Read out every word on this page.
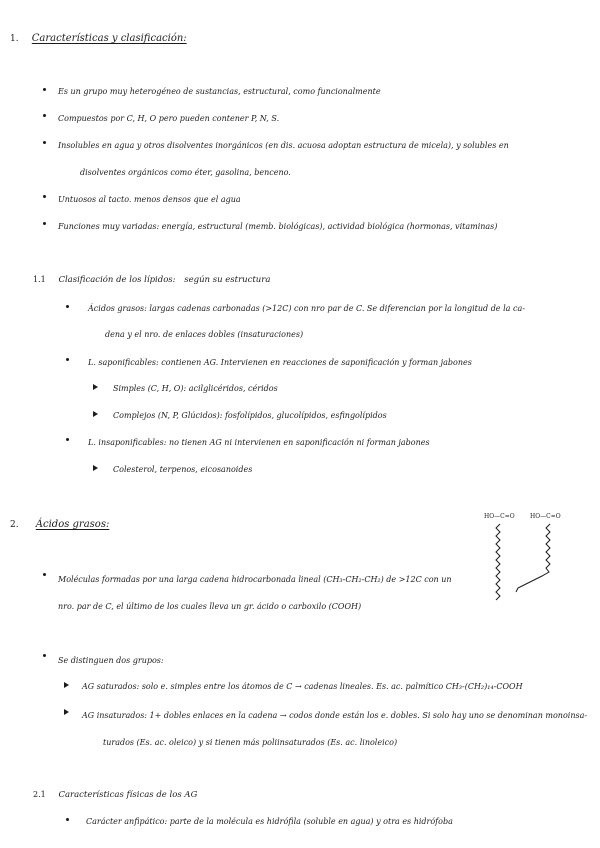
1. Características y clasificación:
Es un grupo muy heterogéneo de sustancias, estructural, como funcionalmente
Compuestos por C, H, O pero pueden contener P, N, S.
Insolubles en agua y otros disolventes inorgánicos (en dis. acuosa adoptan estructura de micela), y solubles en
disolventes orgánicos como éter, gasolina, benceno.
Untuosos al tacto. menos densos que el agua
Funciones muy variadas: energía, estructural (memb. biológicas), actividad biológica (hormonas, vitaminas)
1.1 Clasificación de los lípidos: según su estructura
Ácidos grasos: largas cadenas carbonadas (>12C) con nro par de C. Se diferencian por la longitud de la ca-
dena y el nro. de enlaces dobles (insaturaciones)
L. saponificables: contienen AG. Intervienen en reacciones de saponificación y forman jabones
Simples (C, H, O): acilglicéridos, céridos
Complejos (N, P, Glúcidos): fosfolípidos, glucolípidos, esfingolípidos
L. insaponificables: no tienen AG ni intervienen en saponificación ni forman jabones
Colesterol, terpenos, eicosanoides
2. Ácidos grasos:
HO—C=O	HO—C=O
Moléculas formadas por una larga cadena hidrocarbonada lineal (CH₃-CH₂-CH₂) de >12C con un
nro. par de C, el último de los cuales lleva un gr. ácido o carboxilo (COOH)
Se distinguen dos grupos:
AG saturados: solo e. simples entre los átomos de C → cadenas lineales. Es. ac. palmítico CH₃-(CH₂)₁₄-COOH
AG insaturados: 1+ dobles enlaces en la cadena → codos donde están los e. dobles. Si solo hay uno se denominan monoinsa-
turados (Es. ac. oleico) y si tienen más poliinsaturados (Es. ac. linoleico)
2.1 Características físicas de los AG
Carácter anfipático: parte de la molécula es hidrófila (soluble en agua) y otra es hidrófoba
